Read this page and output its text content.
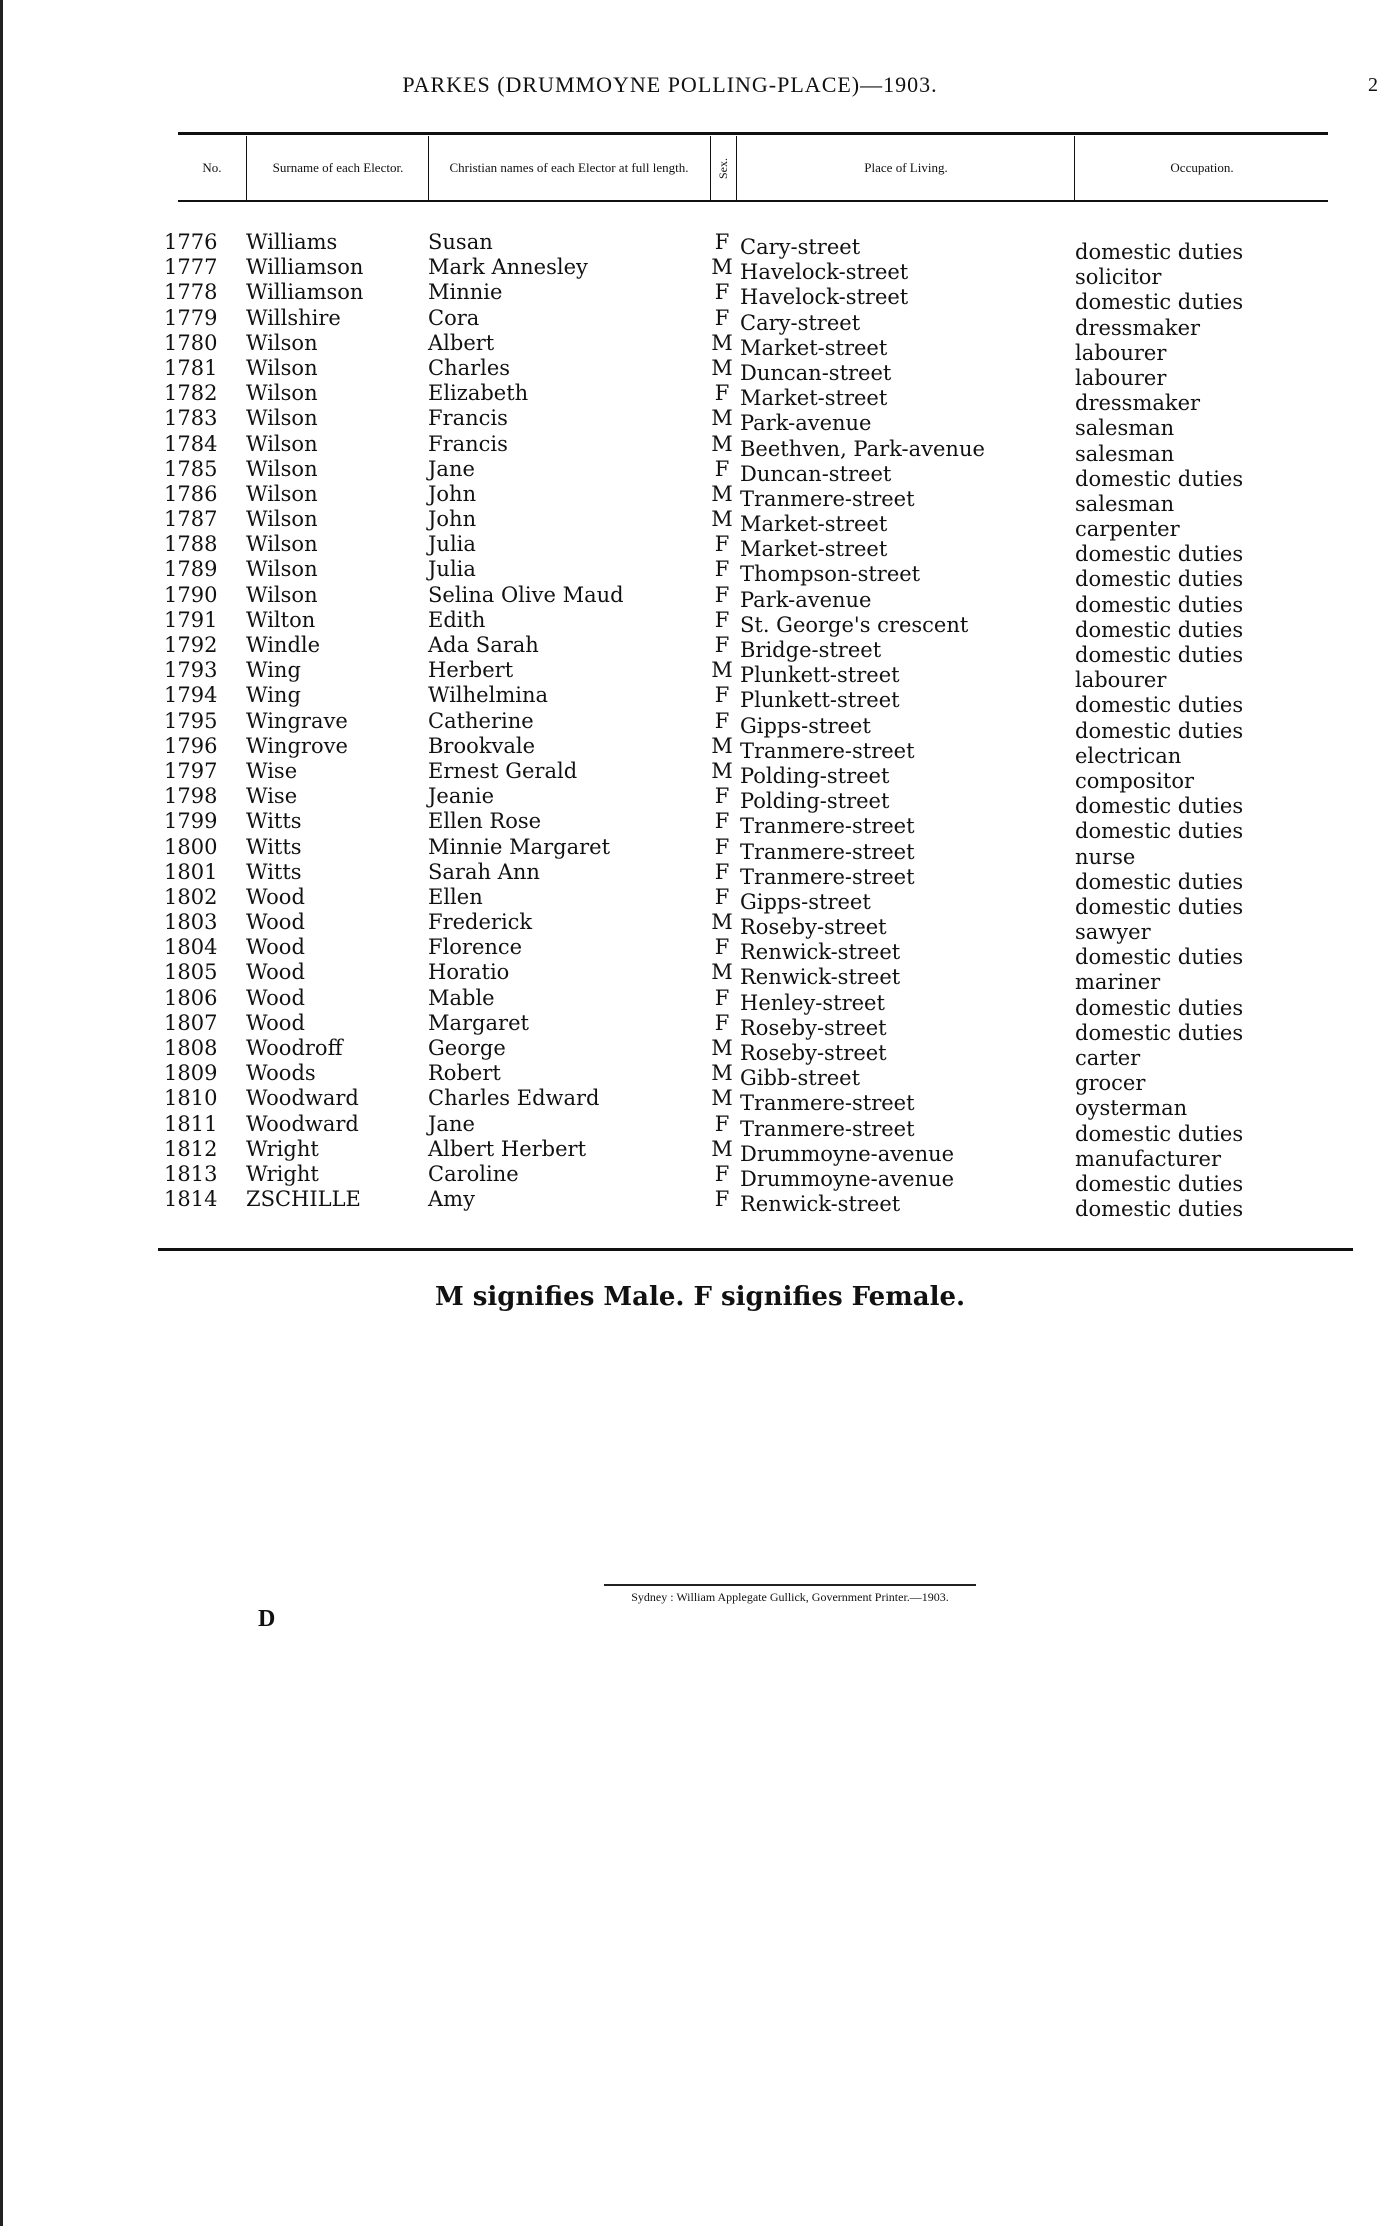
PARKES (DRUMMOYNE POLLING-PLACE)—1903.	2
No.	Surname of each Elector.	Christian names of each Elector at full length.	Sex.	Place of Living.	Occupation.
1776 Williams	Susan	F Cary-street	domestic duties
1777 Williamson	Mark Annesley	M Havelock-street	solicitor
1778 Williamson	Minnie	F Havelock-street	domestic duties
1779 Willshire	Cora	F Cary-street	dressmaker
1780 Wilson	Albert	M Market-street	labourer
1781 Wilson	Charles	M Duncan-street	labourer
1782 Wilson	Elizabeth	F Market-street	dressmaker
1783 Wilson	Francis	M Park-avenue	salesman
1784 Wilson	Francis	M Beethven, Park-avenue	salesman
1785 Wilson	Jane	F Duncan-street	domestic duties
1786 Wilson	John	M Tranmere-street	salesman
1787 Wilson	John	M Market-street	carpenter
1788 Wilson	Julia	F Market-street	domestic duties
1789 Wilson	Julia	F Thompson-street	domestic duties
1790 Wilson	Selina Olive Maud	F Park-avenue	domestic duties
1791 Wilton	Edith	F St. George's crescent	domestic duties
1792 Windle	Ada Sarah	F Bridge-street	domestic duties
1793 Wing	Herbert	M Plunkett-street	labourer
1794 Wing	Wilhelmina	F Plunkett-street	domestic duties
1795 Wingrave	Catherine	F Gipps-street	domestic duties
1796 Wingrove	Brookvale	M Tranmere-street	electrican
1797 Wise	Ernest Gerald	M Polding-street	compositor
1798 Wise	Jeanie	F Polding-street	domestic duties
1799 Witts	Ellen Rose	F Tranmere-street	domestic duties
1800 Witts	Minnie Margaret	F Tranmere-street	nurse
1801 Witts	Sarah Ann	F Tranmere-street	domestic duties
1802 Wood	Ellen	F Gipps-street	domestic duties
1803 Wood	Frederick	M Roseby-street	sawyer
1804 Wood	Florence	F Renwick-street	domestic duties
1805 Wood	Horatio	M Renwick-street	mariner
1806 Wood	Mable	F Henley-street	domestic duties
1807 Wood	Margaret	F Roseby-street	domestic duties
1808 Woodroff	George	M Roseby-street	carter
1809 Woods	Robert	M Gibb-street	grocer
1810 Woodward	Charles Edward	M Tranmere-street	oysterman
1811 Woodward	Jane	F Tranmere-street	domestic duties
1812 Wright	Albert Herbert	M Drummoyne-avenue	manufacturer
1813 Wright	Caroline	F Drummoyne-avenue	domestic duties
1814 ZSCHILLE	Amy	F Renwick-street	domestic duties
M signifies Male. F signifies Female.
Sydney : William Applegate Gullick, Government Printer.—1903.
D
